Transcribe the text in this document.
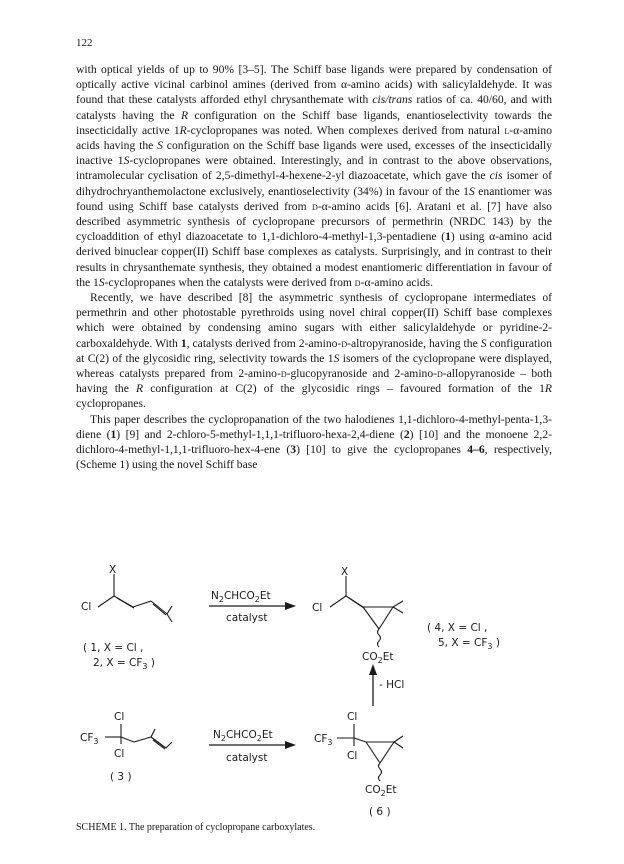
122

with optical yields of up to 90% [3–5]. The Schiff base ligands were prepared by condensation of optically active vicinal carbinol amines (derived from α-amino acids) with salicylaldehyde. It was found that these catalysts afforded ethyl chrysanthemate with cis/trans ratios of ca. 40/60, and with catalysts having the R configuration on the Schiff base ligands, enantioselectivity towards the insecticidally active 1R-cyclopropanes was noted. When complexes derived from natural l-α-amino acids having the S configuration on the Schiff base ligands were used, excesses of the insecticidally inactive 1S-cyclopropanes were obtained. Interestingly, and in contrast to the above observations, intramolecular cyclisation of 2,5-dimethyl-4-hexene-2-yl diazoacetate, which gave the cis isomer of dihydrochryanthemolactone exclusively, enantioselectivity (34%) in favour of the 1S enantiomer was found using Schiff base catalysts derived from d-α-amino acids [6]. Aratani et al. [7] have also described asymmetric synthesis of cyclopropane precursors of permethrin (NRDC 143) by the cycloaddition of ethyl diazoacetate to 1,1-dichloro-4-methyl-1,3-pentadiene (1) using α-amino acid derived binuclear copper(II) Schiff base complexes as catalysts. Surprisingly, and in contrast to their results in chrysanthemate synthesis, they obtained a modest enantiomeric differentiation in favour of the 1S-cyclopropanes when the catalysts were derived from d-α-amino acids.

Recently, we have described [8] the asymmetric synthesis of cyclopropane intermediates of permethrin and other photostable pyrethroids using novel chiral copper(II) Schiff base complexes which were obtained by condensing amino sugars with either salicylaldehyde or pyridine-2-carboxaldehyde. With 1, catalysts derived from 2-amino-d-altropyranoside, having the S configuration at C(2) of the glycosidic ring, selectivity towards the 1S isomers of the cyclopropane were displayed, whereas catalysts prepared from 2-amino-d-glucopyranoside and 2-amino-d-allopyranoside – both having the R configuration at C(2) of the glycosidic rings – favoured formation of the 1R cyclopropanes.

This paper describes the cyclopropanation of the two halodienes 1,1-dichloro-4-methyl-penta-1,3-diene (1) [9] and 2-chloro-5-methyl-1,1,1-trifluoro-hexa-2,4-diene (2) [10] and the monoene 2,2-dichloro-4-methyl-1,1,1-trifluoro-hex-4-ene (3) [10] to give the cyclopropanes 4–6, respectively, (Scheme 1) using the novel Schiff base

X
Cl
( 1, X = Cl ,
2, $X = CF_3$ )
$N_2CHCO_2Et$
catalyst
X
Cl
$CO_2Et$
( 4, X = Cl ,
5, $X = CF_3$ )
- HCl
Cl
$CF_3$
Cl
( 3 )
$N_2CHCO_2Et$
catalyst
Cl
$CF_3$
Cl
$CO_2Et$
( 6 )
SCHEME 1. The preparation of cyclopropane carboxylates.
